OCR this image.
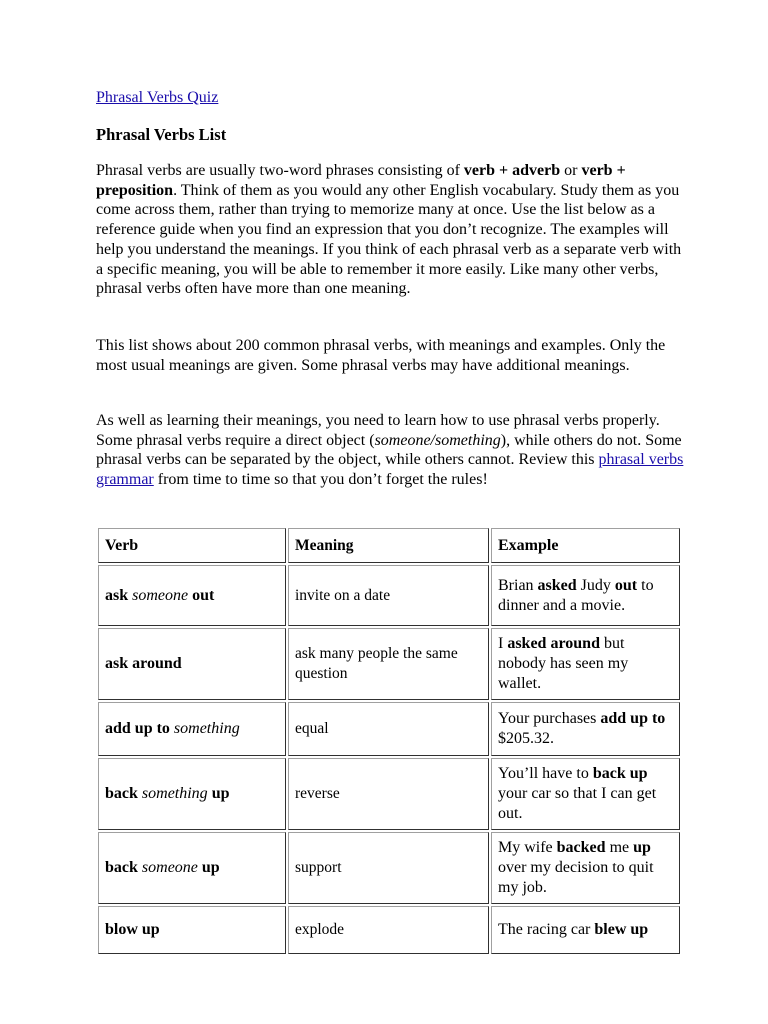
Phrasal Verbs Quiz
Phrasal Verbs List
Phrasal verbs are usually two-word phrases consisting of verb + adverb or verb + preposition. Think of them as you would any other English vocabulary. Study them as you come across them, rather than trying to memorize many at once. Use the list below as a reference guide when you find an expression that you don’t recognize. The examples will help you understand the meanings. If you think of each phrasal verb as a separate verb with a specific meaning, you will be able to remember it more easily. Like many other verbs, phrasal verbs often have more than one meaning.
This list shows about 200 common phrasal verbs, with meanings and examples. Only the most usual meanings are given. Some phrasal verbs may have additional meanings.
As well as learning their meanings, you need to learn how to use phrasal verbs properly. Some phrasal verbs require a direct object (someone/something), while others do not. Some phrasal verbs can be separated by the object, while others cannot. Review this phrasal verbs grammar from time to time so that you don’t forget the rules!
Verb	Meaning	Example
ask someone out	invite on a date	Brian asked Judy out to dinner and a movie.
ask around	ask many people the same question	I asked around but nobody has seen my wallet.
add up to something	equal	Your purchases add up to $205.32.
back something up	reverse	You’ll have to back up your car so that I can get out.
back someone up	support	My wife backed me up over my decision to quit my job.
blow up	explode	The racing car blew up
